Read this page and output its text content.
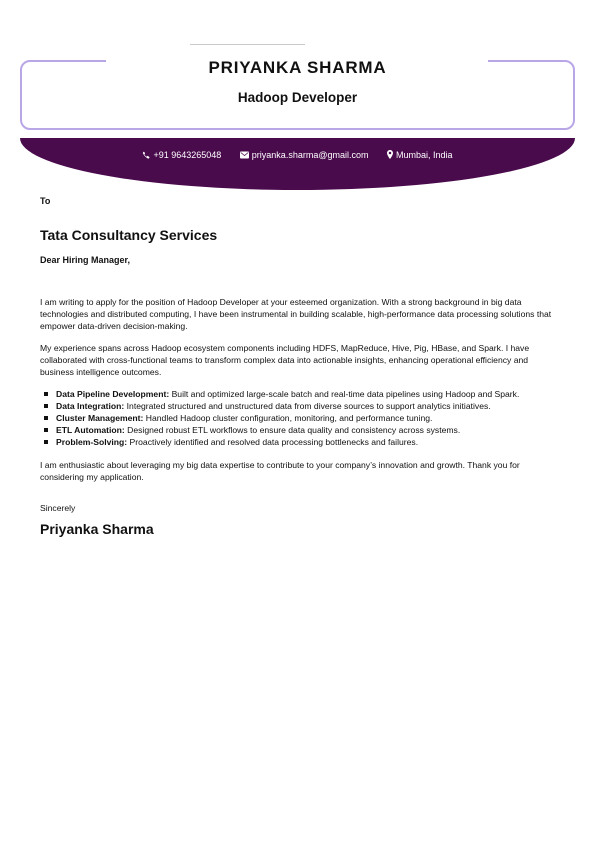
PRIYANKA SHARMA
Hadoop Developer
+91 9643265048	priyanka.sharma@gmail.com	Mumbai, India

To

Tata Consultancy Services

Dear Hiring Manager,

I am writing to apply for the position of Hadoop Developer at your esteemed organization. With a strong background in big data technologies and distributed computing, I have been instrumental in building scalable, high-performance data processing solutions that empower data-driven decision-making.

My experience spans across Hadoop ecosystem components including HDFS, MapReduce, Hive, Pig, HBase, and Spark. I have collaborated with cross-functional teams to transform complex data into actionable insights, enhancing operational efficiency and business intelligence outcomes.

Data Pipeline Development: Built and optimized large-scale batch and real-time data pipelines using Hadoop and Spark.
Data Integration: Integrated structured and unstructured data from diverse sources to support analytics initiatives.
Cluster Management: Handled Hadoop cluster configuration, monitoring, and performance tuning.
ETL Automation: Designed robust ETL workflows to ensure data quality and consistency across systems.
Problem-Solving: Proactively identified and resolved data processing bottlenecks and failures.

I am enthusiastic about leveraging my big data expertise to contribute to your company’s innovation and growth. Thank you for considering my application.

Sincerely

Priyanka Sharma
